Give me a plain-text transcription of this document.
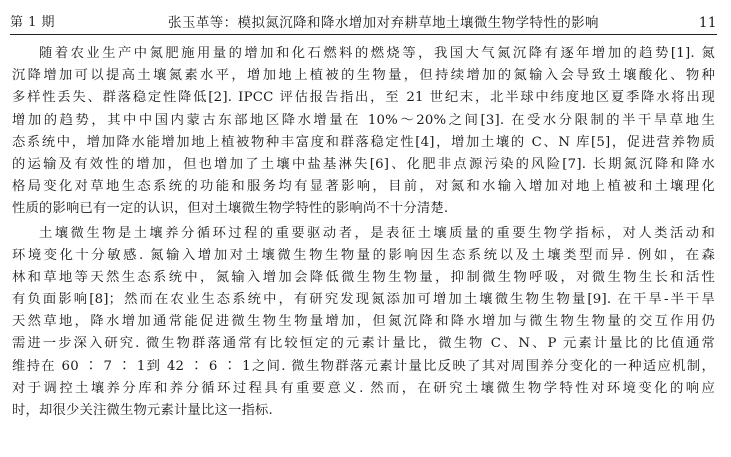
第 1 期	张玉革等：模拟氮沉降和降水增加对弃耕草地土壤微生物学特性的影响	11
随着农业生产中氮肥施用量的增加和化石燃料的燃烧等，我国大气氮沉降有逐年增加的趋势[1]. 氮
沉降增加可以提高土壤氮素水平，增加地上植被的生物量，但持续增加的氮输入会导致土壤酸化、物种
多样性丢失、群落稳定性降低[2]. IPCC 评估报告指出，至 21 世纪末，北半球中纬度地区夏季降水将出现
增加的趋势，其中中国内蒙古东部地区降水增量在 10%～20%之间[3]. 在受水分限制的半干旱草地生
态系统中，增加降水能增加地上植被物种丰富度和群落稳定性[4]，增加土壤的 C、N 库[5]，促进营养物质
的运输及有效性的增加，但也增加了土壤中盐基淋失[6]、化肥非点源污染的风险[7]. 长期氮沉降和降水
格局变化对草地生态系统的功能和服务均有显著影响，目前，对氮和水输入增加对地上植被和土壤理化
性质的影响已有一定的认识，但对土壤微生物学特性的影响尚不十分清楚.
土壤微生物是土壤养分循环过程的重要驱动者，是表征土壤质量的重要生物学指标，对人类活动和
环境变化十分敏感. 氮输入增加对土壤微生物生物量的影响因生态系统以及土壤类型而异. 例如，在森
林和草地等天然生态系统中，氮输入增加会降低微生物生物量，抑制微生物呼吸，对微生物生长和活性
有负面影响[8]；然而在农业生态系统中，有研究发现氮添加可增加土壤微生物生物量[9]. 在干旱-半干旱
天然草地，降水增加通常能促进微生物生物量增加，但氮沉降和降水增加与微生物生物量的交互作用仍
需进一步深入研究. 微生物群落通常有比较恒定的元素计量比，微生物 C、N、P 元素计量比的比值通常
维持在 60 ∶ 7 ∶ 1到 42 ∶ 6 ∶ 1之间. 微生物群落元素计量比反映了其对周围养分变化的一种适应机制，
对于调控土壤养分库和养分循环过程具有重要意义. 然而，在研究土壤微生物学特性对环境变化的响应
时，却很少关注微生物元素计量比这一指标.
